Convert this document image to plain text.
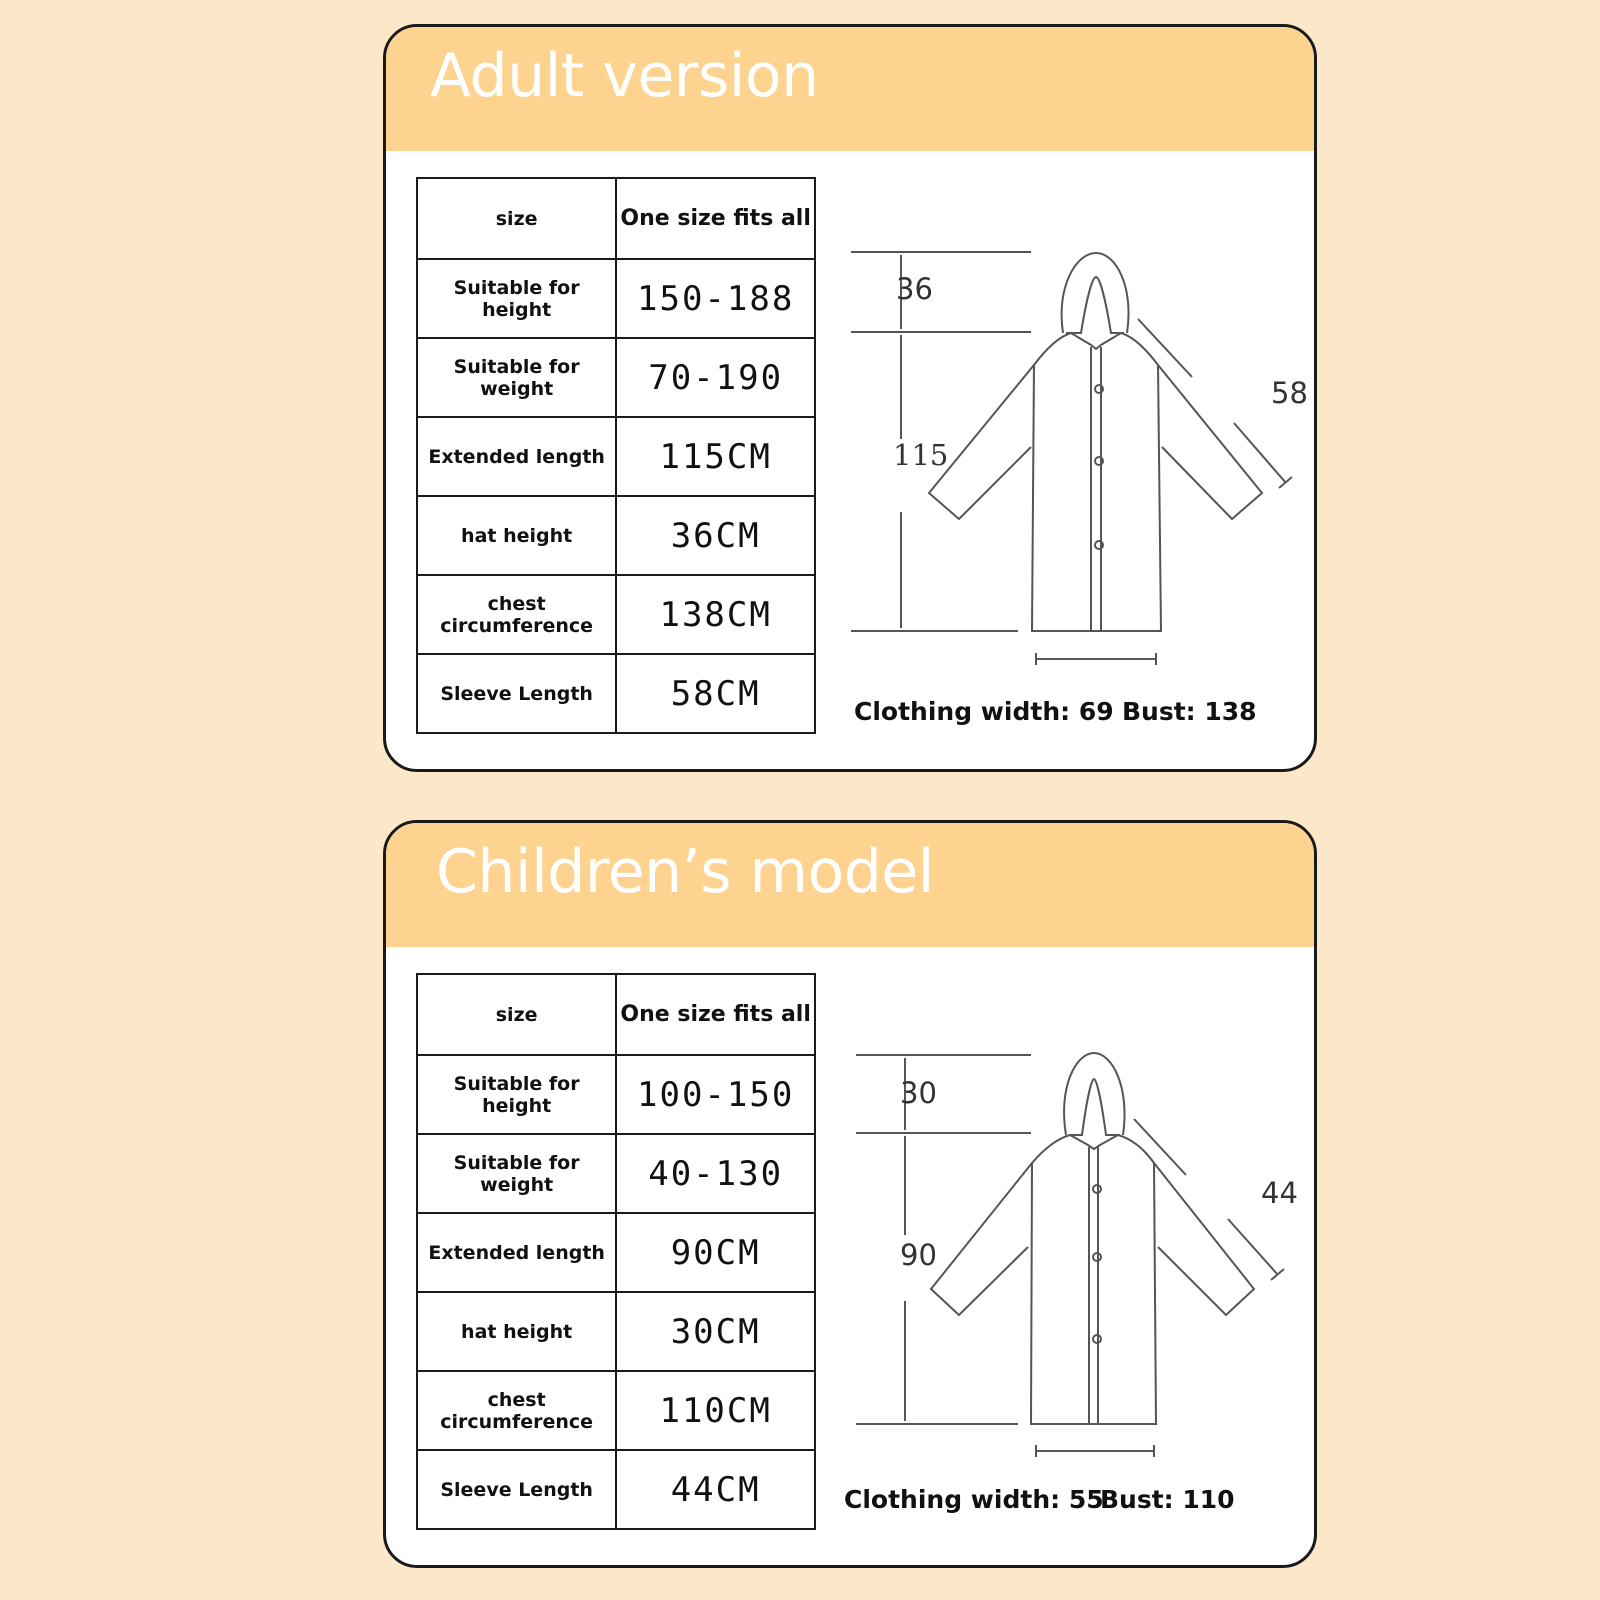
Adult version
size	One size fits all
Suitable for height	150-188
Suitable for weight	70-190
Extended length	115CM
hat height	36CM
chest circumference	138CM
Sleeve Length	58CM
36
115
58
Clothing width: 69 Bust: 138
Children’s model
size	One size fits all
Suitable for height	100-150
Suitable for weight	40-130
Extended length	90CM
hat height	30CM
chest circumference	110CM
Sleeve Length	44CM
30
90
44
Clothing width: 55
Bust: 110
